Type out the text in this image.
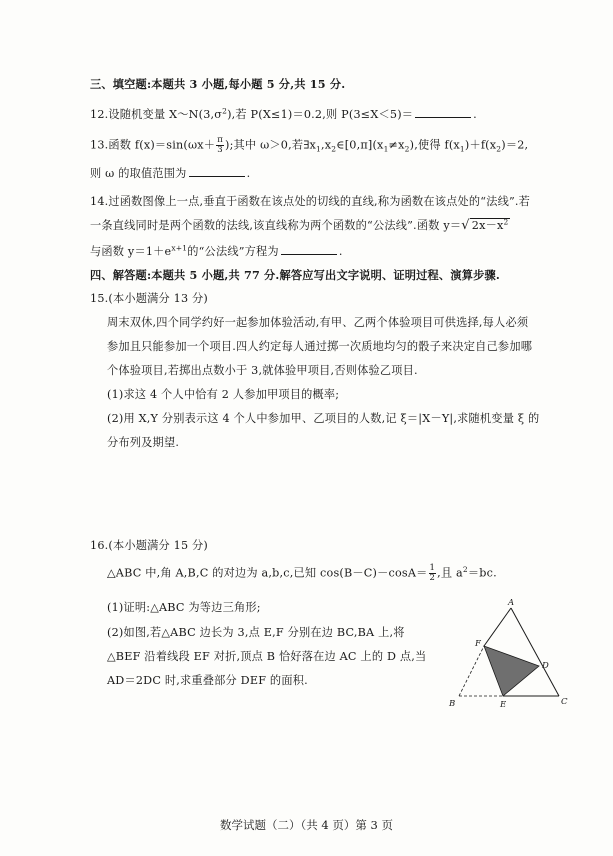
三、填空题:本题共 3 小题,每小题 5 分,共 15 分.
12.设随机变量 $X\sim N(3,\sigma^2)$,若 P(X≤1)＝0.2,则 P(3≤X＜5)＝	.
13.函数 $f(x)=\sin(\omega x+ \frac{\pi}{3}$ );其中 ω＞0,若$\exists x_1,x_2\in[0,\pi](x_1\ne x_2)$,使得 $f(x_1)+f(x_2)=2$,
则 ω 的取值范围为	.
14.过函数图像上一点,垂直于函数在该点处的切线的直线,称为函数在该点处的“法线”.若
一条直线同时是两个函数的法线,该直线称为两个函数的“公法线”.函数 y＝√ $2x-x^2$
与函数 $y=1+e^{x+1}$的“公法线”方程为	.
四、解答题:本题共 5 小题,共 77 分.解答应写出文字说明、证明过程、演算步骤.
15.(本小题满分 13 分)
周末双休,四个同学约好一起参加体验活动,有甲、乙两个体验项目可供选择,每人必须
参加且只能参加一个项目.四人约定每人通过掷一次质地均匀的骰子来决定自己参加哪
个体验项目,若掷出点数小于 3,就体验甲项目,否则体验乙项目.
(1)求这 4 个人中恰有 2 人参加甲项目的概率;
(2)用 X,Y 分别表示这 4 个人中参加甲、乙项目的人数,记 ξ＝|X－Y|,求随机变量 ξ 的
分布列及期望.
16.(本小题满分 15 分)
△ABC 中,角 A,B,C 的对边为 a,b,c,已知 $\cos(B-C)-\cos A= \frac{1}{2}$ ,且 $a^2=bc$.
(1)证明:△ABC 为等边三角形;
(2)如图,若△ABC 边长为 3,点 E,F 分别在边 BC,BA 上,将
△BEF 沿着线段 EF 对折,顶点 B 恰好落在边 AC 上的 D 点,当
AD＝2DC 时,求重叠部分 DEF 的面积.
A
B	C
D
E
F
数学试题（二）（共 4 页）第 3 页
